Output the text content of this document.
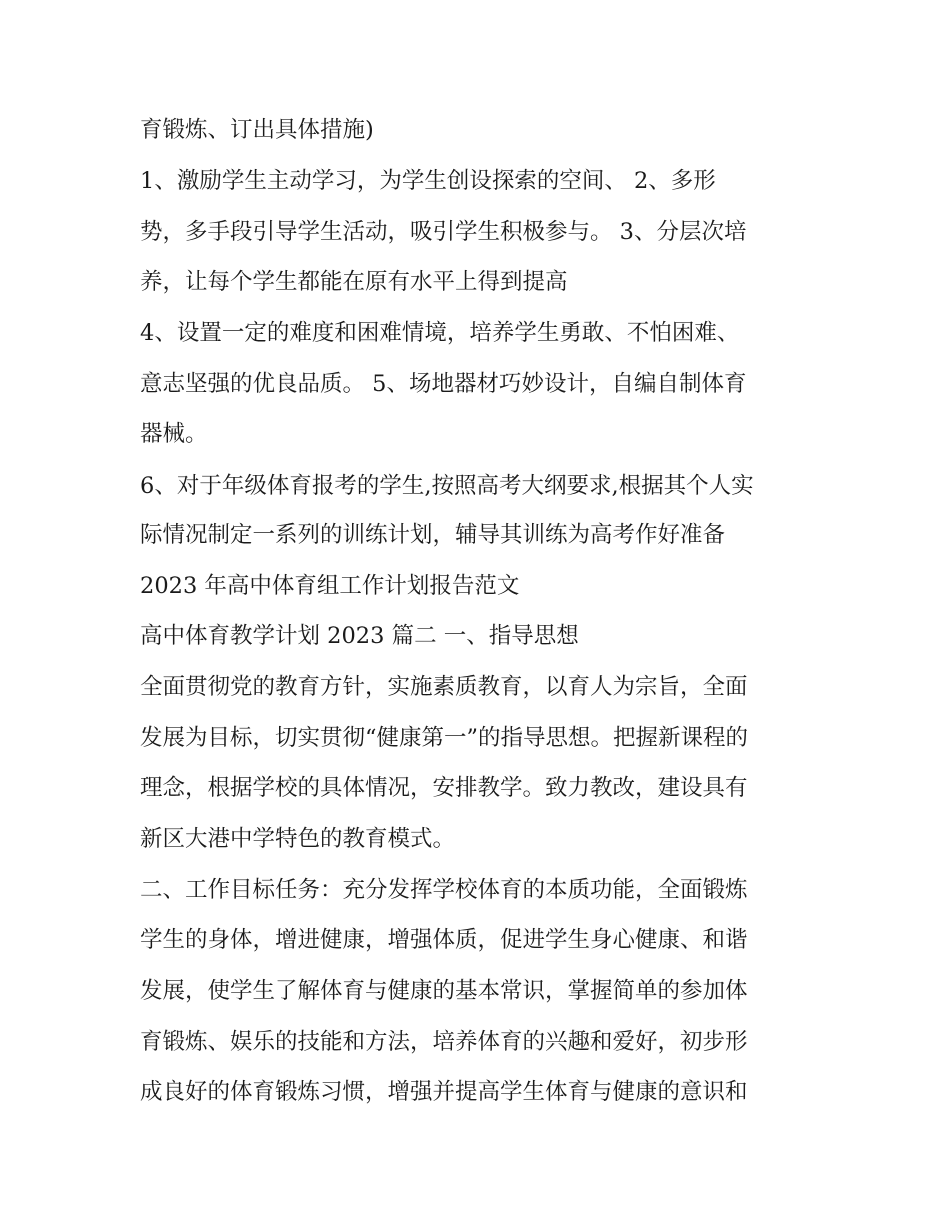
育锻炼、订出具体措施)
1、激励学生主动学习，为学生创设探索的空间、 2、多形
势，多手段引导学生活动，吸引学生积极参与。 3、分层次培
养，让每个学生都能在原有水平上得到提高
4、设置一定的难度和困难情境，培养学生勇敢、不怕困难、
意志坚强的优良品质。 5、场地器材巧妙设计，自编自制体育
器械。
6、对于年级体育报考的学生,按照高考大纲要求,根据其个人实
际情况制定一系列的训练计划，辅导其训练为高考作好准备
2023 年高中体育组工作计划报告范文
高中体育教学计划 2023 篇二 一、指导思想
全面贯彻党的教育方针，实施素质教育，以育人为宗旨，全面
发展为目标，切实贯彻“健康第一”的指导思想。把握新课程的
理念，根据学校的具体情况，安排教学。致力教改，建设具有
新区大港中学特色的教育模式。
二、工作目标任务：充分发挥学校体育的本质功能，全面锻炼
学生的身体，增进健康，增强体质，促进学生身心健康、和谐
发展，使学生了解体育与健康的基本常识，掌握简单的参加体
育锻炼、娱乐的技能和方法，培养体育的兴趣和爱好，初步形
成良好的体育锻炼习惯，增强并提高学生体育与健康的意识和
